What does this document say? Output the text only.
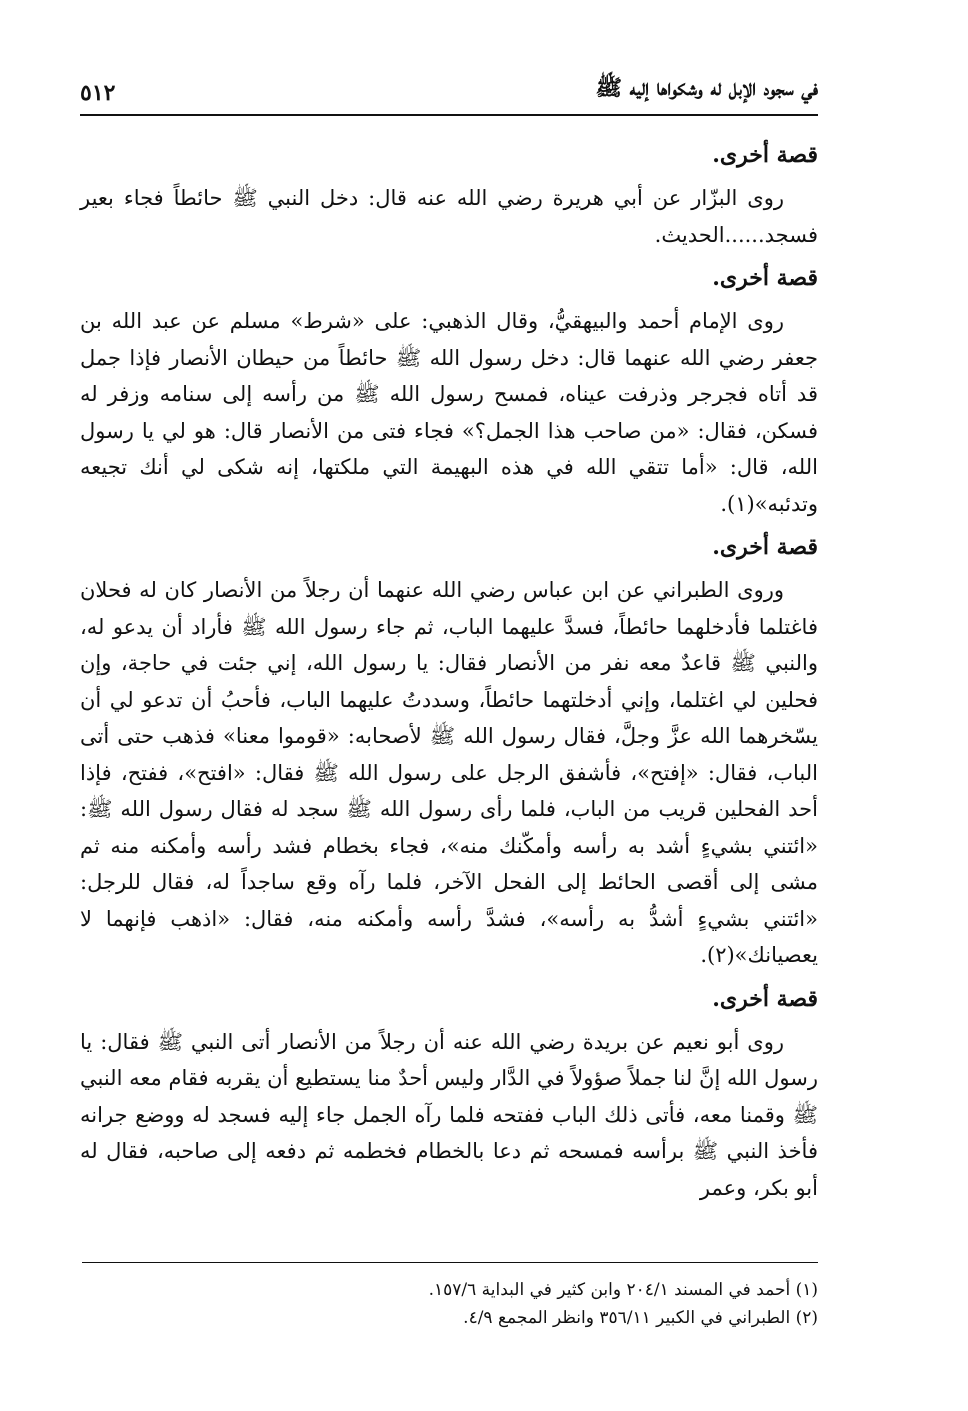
في سجود الإبل له وشكواها إليه ﷺ
٥١٢
قصة أخرى.

روى البزّار عن أبي هريرة رضي الله عنه قال: دخل النبي ﷺ حائطاً فجاء بعير فسجد......الحديث.

قصة أخرى.

روى الإمام أحمد والبيهقيُّ، وقال الذهبي: على «شرط» مسلم عن عبد الله بن جعفر رضي الله عنهما قال: دخل رسول الله ﷺ حائطاً من حيطان الأنصار فإذا جمل قد أتاه فجرجر وذرفت عيناه، فمسح رسول الله ﷺ من رأسه إلى سنامه وزفر له فسكن، فقال: «من صاحب هذا الجمل؟» فجاء فتى من الأنصار قال: هو لي يا رسول الله، قال: «أما تتقي الله في هذه البهيمة التي ملكتها، إنه شكى لي أنك تجيعه وتدئبه»(١).

قصة أخرى.

وروى الطبراني عن ابن عباس رضي الله عنهما أن رجلاً من الأنصار كان له فحلان فاغتلما فأدخلهما حائطاً، فسدَّ عليهما الباب، ثم جاء رسول الله ﷺ فأراد أن يدعو له، والنبي ﷺ قاعدٌ معه نفر من الأنصار فقال: يا رسول الله، إني جئت في حاجة، وإن فحلين لي اغتلما، وإني أدخلتهما حائطاً، وسددتُ عليهما الباب، فأحبُ أن تدعو لي أن يسّخرهما الله عزَّ وجلَّ، فقال رسول الله ﷺ لأصحابه: «قوموا معنا» فذهب حتى أتى الباب، فقال: «إفتح»، فأشفق الرجل على رسول الله ﷺ فقال: «افتح»، ففتح، فإذا أحد الفحلين قريب من الباب، فلما رأى رسول الله ﷺ سجد له فقال رسول الله ﷺ: «ائتني بشيءٍ أشد به رأسه وأمكّنك منه»، فجاء بخطام فشد رأسه وأمكنه منه ثم مشى إلى أقصى الحائط إلى الفحل الآخر، فلما رآه وقع ساجداً له، فقال للرجل: «ائتني بشيءٍ أشدُّ به رأسه»، فشدَّ رأسه وأمكنه منه، فقال: «اذهب فإنهما لا يعصيانك»(٢).

قصة أخرى.

روى أبو نعيم عن بريدة رضي الله عنه أن رجلاً من الأنصار أتى النبي ﷺ فقال: يا رسول الله إنَّ لنا جملاً صؤولاً في الدَّار وليس أحدٌ منا يستطيع أن يقربه فقام معه النبي ﷺ وقمنا معه، فأتى ذلك الباب ففتحه فلما رآه الجمل جاء إليه فسجد له ووضع جرانه فأخذ النبي ﷺ برأسه فمسحه ثم دعا بالخطام فخطمه ثم دفعه إلى صاحبه، فقال له أبو بكر، وعمر

(١) أحمد في المسند ٢٠٤/١ وابن كثير في البداية ١٥٧/٦.

(٢) الطبراني في الكبير ٣٥٦/١١ وانظر المجمع ٤/٩.
